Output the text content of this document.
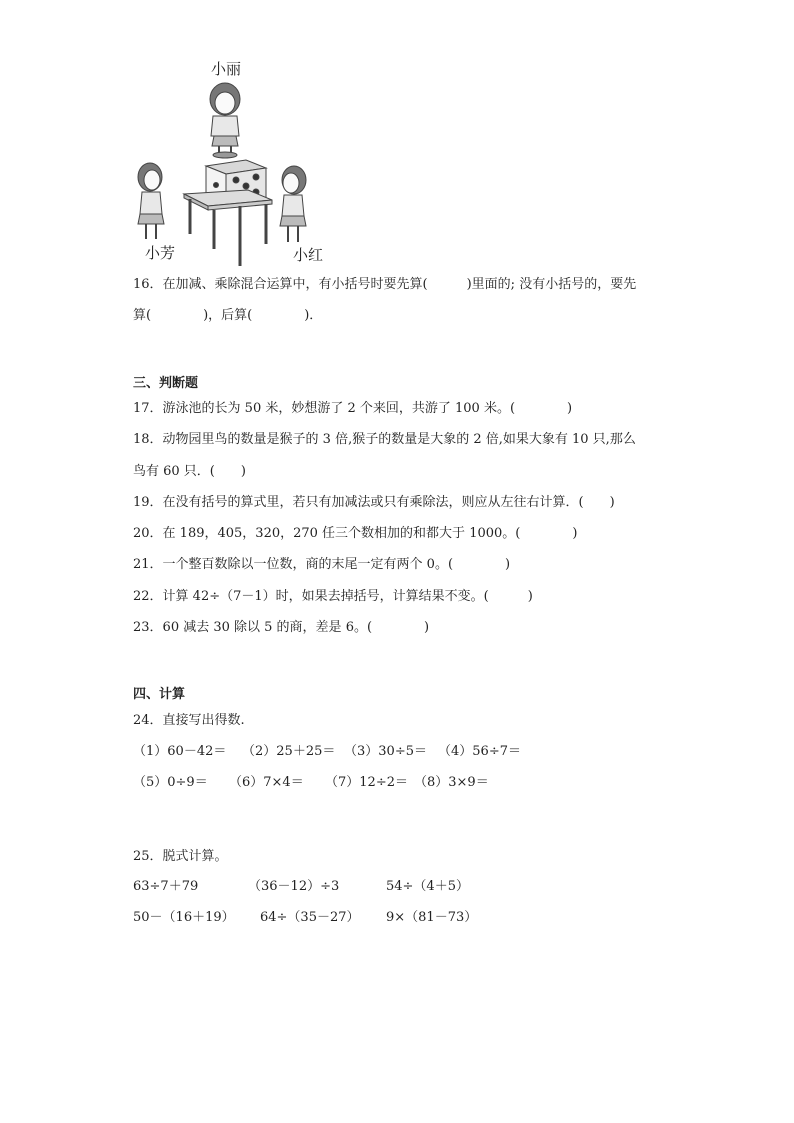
小丽
小芳	小红
16．在加减、乘除混合运算中，有小括号时要先算(　　　)里面的; 没有小括号的，要先
算(　　　　)，后算(　　　　)．
三、判断题
17．游泳池的长为 50 米，妙想游了 2 个来回，共游了 100 米。(　　　　)
18．动物园里鸟的数量是猴子的 3 倍,猴子的数量是大象的 2 倍,如果大象有 10 只,那么
鸟有 60 只．(　　)
19．在没有括号的算式里，若只有加减法或只有乘除法，则应从左往右计算．(　　)
20．在 189，405，320，270 任三个数相加的和都大于 1000。(　　　　)
21．一个整百数除以一位数，商的末尾一定有两个 0。(　　　　)
22．计算 42÷（7－1）时，如果去掉括号，计算结果不变。(　　　)
23．60 减去 30 除以 5 的商，差是 6。(　　　　)
四、计算
24．直接写出得数.
（1）60－42＝ （2）25＋25＝ （3）30÷5＝ （4）56÷7＝
（5）0÷9＝ （6）7×4＝ （7）12÷2＝ （8）3×9＝
25．脱式计算。
63÷7＋79	（36－12）÷3	54÷（4＋5）
50－（16＋19） 64÷（35－27） 9×（81－73）
